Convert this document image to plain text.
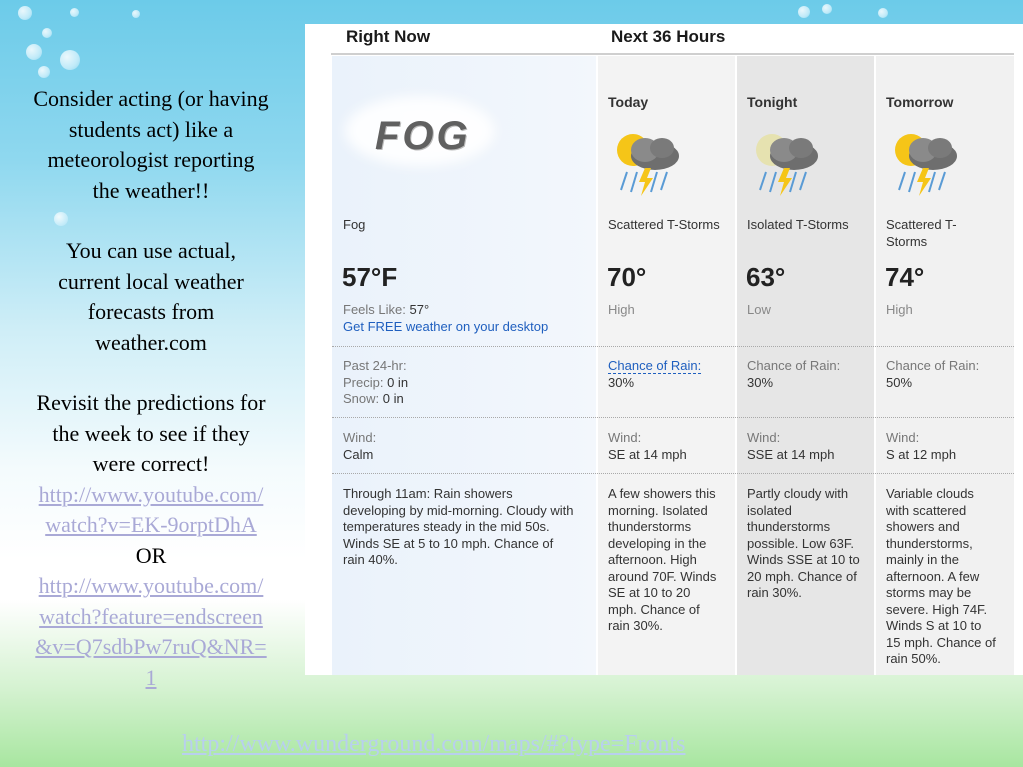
Consider acting (or having
students act) like a
meteorologist reporting
the weather!!

You can use actual,
current local weather
forecasts from
weather.com

Revisit the predictions for
the week to see if they
were correct!
http://www.youtube.com/
watch?v=EK-9orptDhA
OR
http://www.youtube.com/
watch?feature=endscreen
&v=Q7sdbPw7ruQ&NR=
1

Right Now	Next 36 Hours
FOG
Fog
57°F
Feels Like: 57°
Get FREE weather on your desktop
Past 24-hr:
Precip: 0 in
Snow: 0 in
Wind:
Calm
Through 11am: Rain showers
developing by mid-morning. Cloudy with
temperatures steady in the mid 50s.
Winds SE at 5 to 10 mph. Chance of
rain 40%.
Today
Scattered T-Storms
70°
High
Chance of Rain:
30%
Wind:
SE at 14 mph
A few showers this
morning. Isolated
thunderstorms
developing in the
afternoon. High
around 70F. Winds
SE at 10 to 20
mph. Chance of
rain 30%.
Tonight
Isolated T-Storms
63°
Low
Chance of Rain:
30%
Wind:
SSE at 14 mph
Partly cloudy with
isolated
thunderstorms
possible. Low 63F.
Winds SSE at 10 to
20 mph. Chance of
rain 30%.
Tomorrow
Scattered T-
Storms
74°
High
Chance of Rain:
50%
Wind:
S at 12 mph
Variable clouds
with scattered
showers and
thunderstorms,
mainly in the
afternoon. A few
storms may be
severe. High 74F.
Winds S at 10 to
15 mph. Chance of
rain 50%.
http://www.wunderground.com/maps/#?type=Fronts
